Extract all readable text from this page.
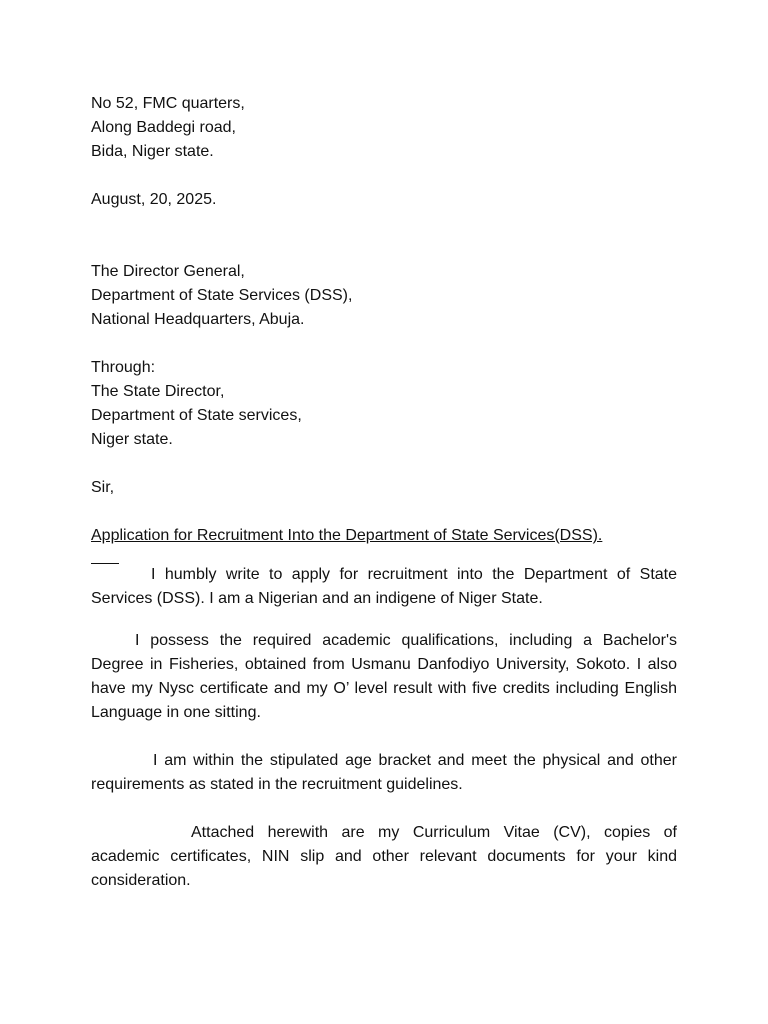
No 52, FMC quarters,
Along Baddegi road,
Bida, Niger state.
August, 20, 2025.
The Director General,
Department of State Services (DSS),
National Headquarters, Abuja.
Through:
The State Director,
Department of State services,
Niger state.
Sir,
Application for Recruitment Into the Department of State Services(DSS).

I humbly write to apply for recruitment into the Department of State Services (DSS). I am a Nigerian and an indigene of Niger State.

I possess the required academic qualifications, including a Bachelor's Degree in Fisheries, obtained from Usmanu Danfodiyo University, Sokoto. I also have my Nysc certificate and my O’ level result with five credits including English Language in one sitting.

I am within the stipulated age bracket and meet the physical and other requirements as stated in the recruitment guidelines.

Attached herewith are my Curriculum Vitae (CV), copies of academic certificates, NIN slip and other relevant documents for your kind consideration.
